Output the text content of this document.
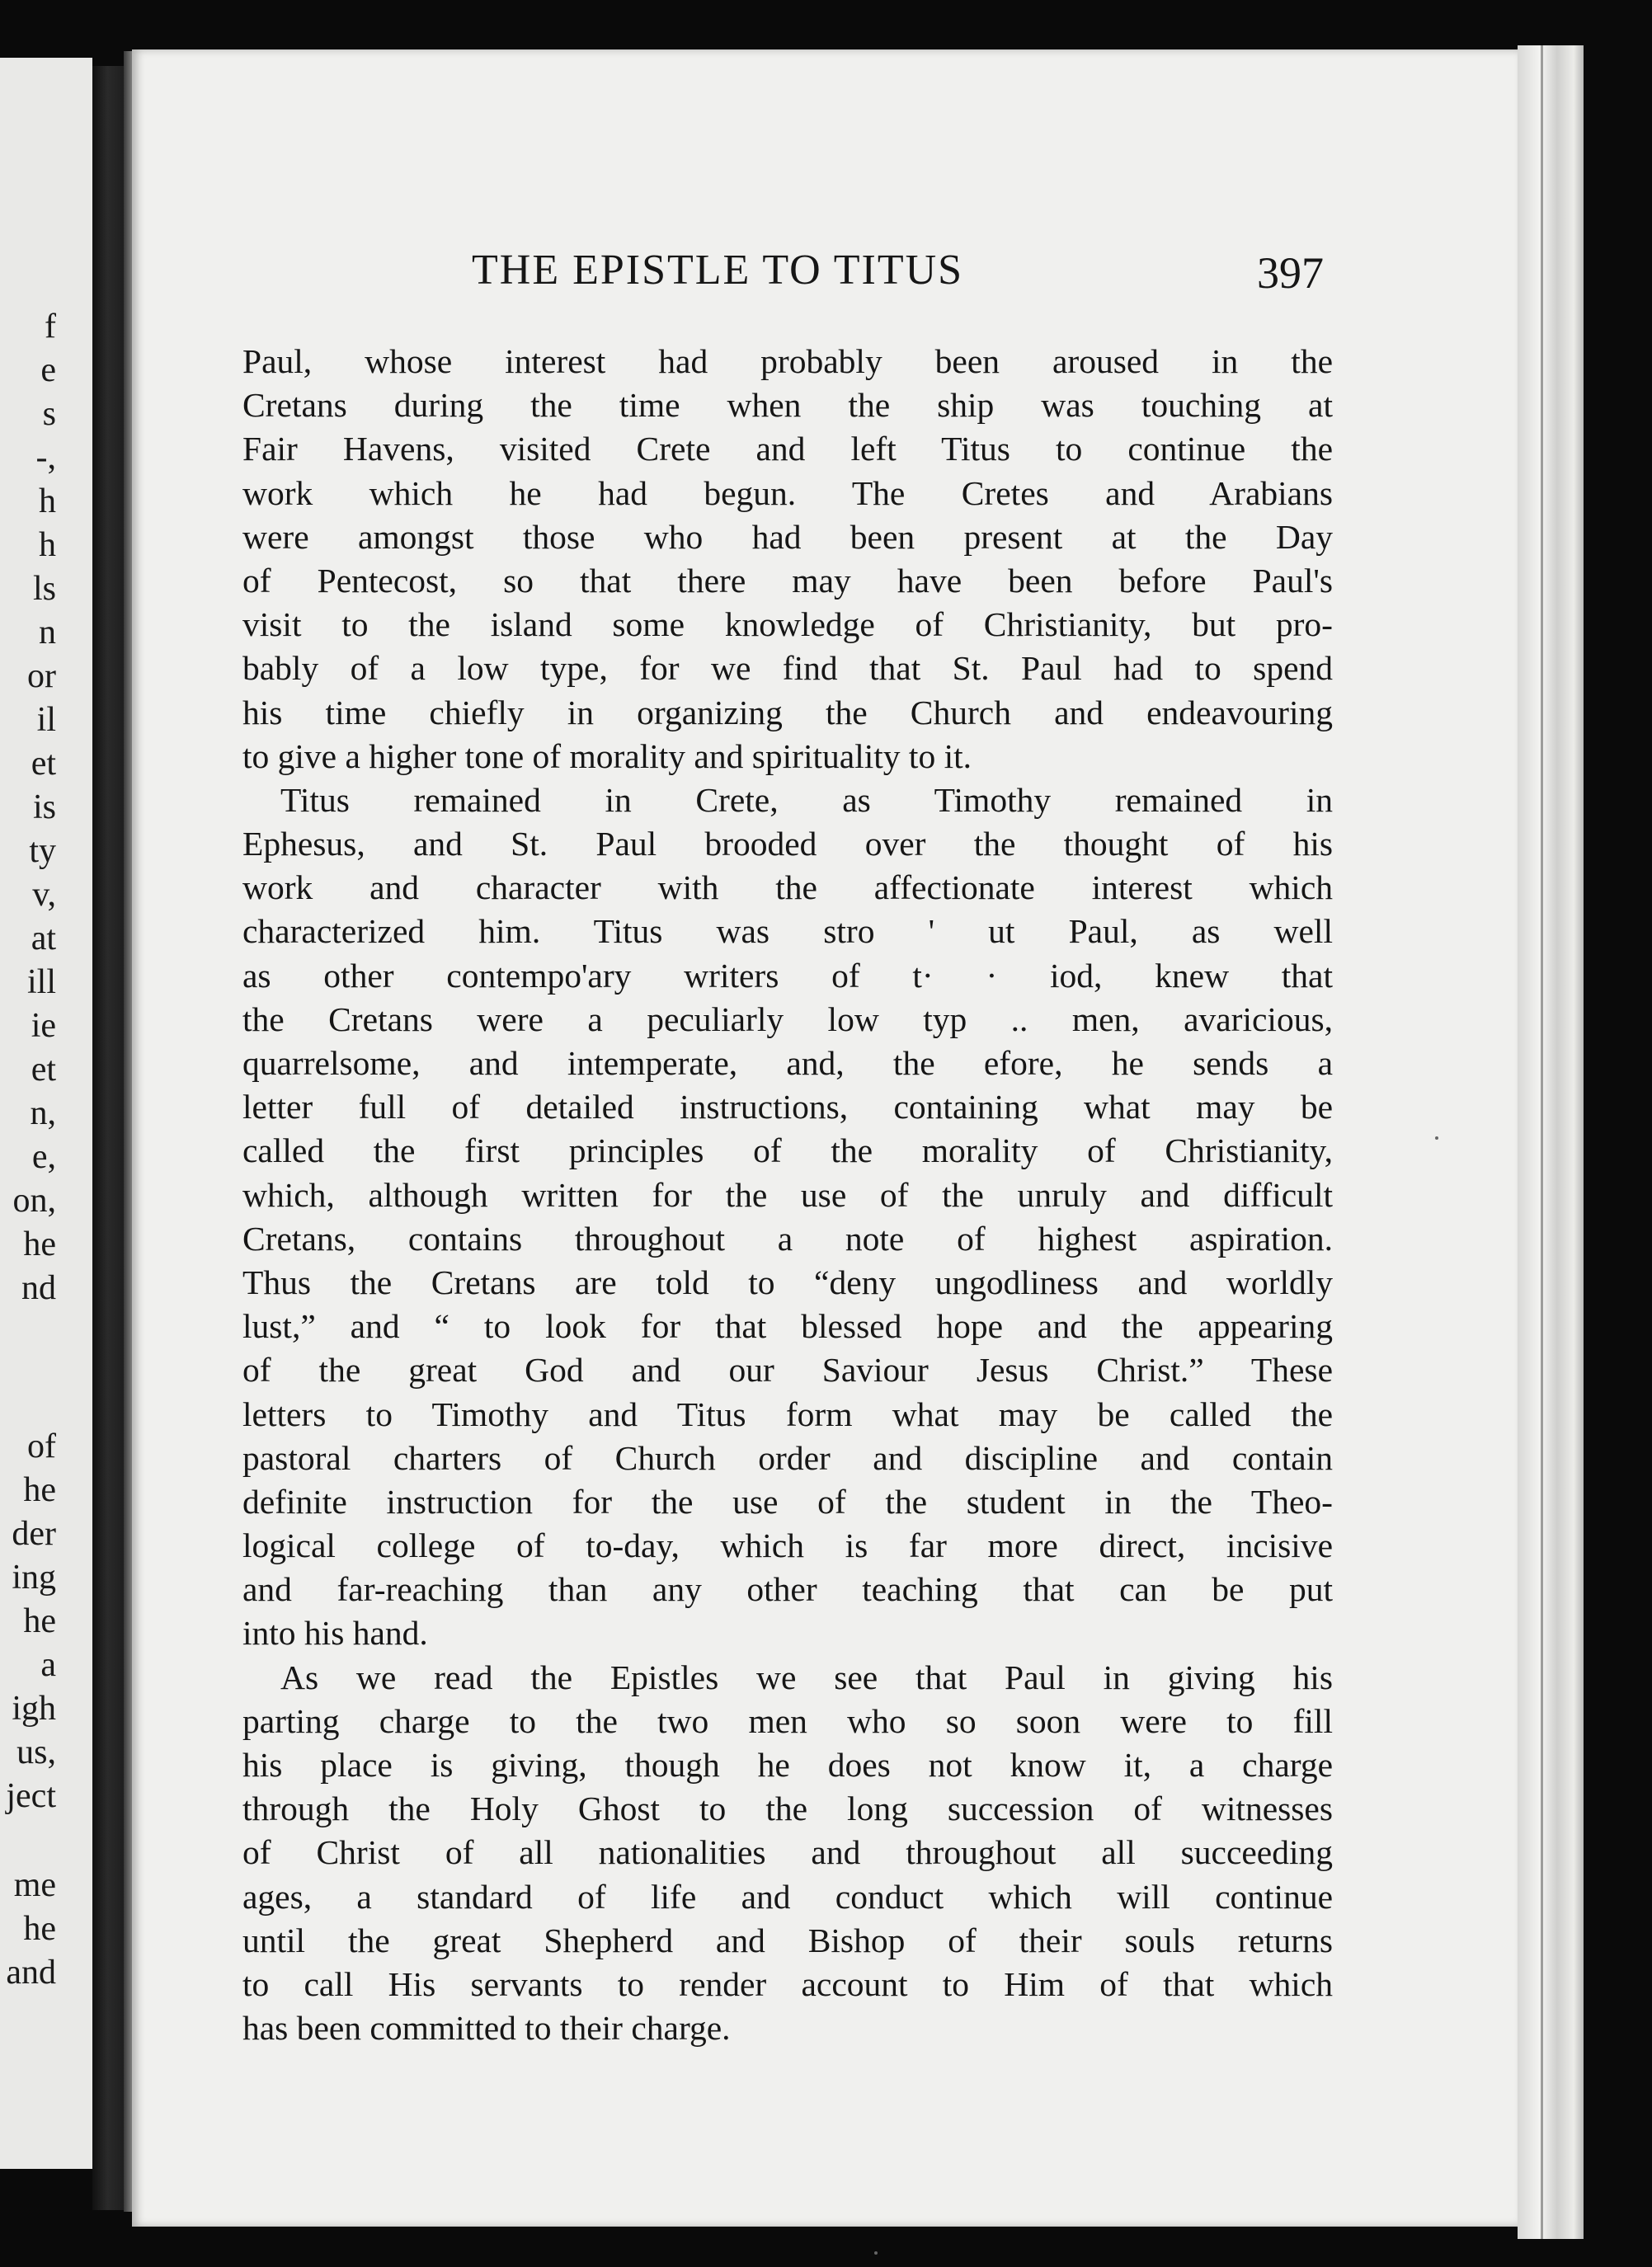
f
e
s
-,
h
h
ls
n
or
il
et
is
ty
v,
at
ill
ie
et
n,
e,
on,
he
nd
of
he
der
ing
he
a
igh
us,
ject
me
he
and
THE EPISTLE TO TITUS	397
Paul, whose interest had probably been aroused in the
Cretans during the time when the ship was touching at
Fair Havens, visited Crete and left Titus to continue the
work which he had begun. The Cretes and Arabians
were amongst those who had been present at the Day
of Pentecost, so that there may have been before Paul's
visit to the island some knowledge of Christianity, but pro-
bably of a low type, for we find that St. Paul had to spend
his time chiefly in organizing the Church and endeavouring
to give a higher tone of morality and spirituality to it.
Titus remained in Crete, as Timothy remained in
Ephesus, and St. Paul brooded over the thought of his
work and character with the affectionate interest which
characterized him. Titus was stro ' ut Paul, as well
as other contempo'ary writers of t· · iod, knew that
the Cretans were a peculiarly low typ .. men, avaricious,
quarrelsome, and intemperate, and, the efore, he sends a
letter full of detailed instructions, containing what may be
called the first principles of the morality of Christianity,
which, although written for the use of the unruly and difficult
Cretans, contains throughout a note of highest aspiration.
Thus the Cretans are told to “deny ungodliness and worldly
lust,” and “ to look for that blessed hope and the appearing
of the great God and our Saviour Jesus Christ.” These
letters to Timothy and Titus form what may be called the
pastoral charters of Church order and discipline and contain
definite instruction for the use of the student in the Theo-
logical college of to-day, which is far more direct, incisive
and far-reaching than any other teaching that can be put
into his hand.
As we read the Epistles we see that Paul in giving his
parting charge to the two men who so soon were to fill
his place is giving, though he does not know it, a charge
through the Holy Ghost to the long succession of witnesses
of Christ of all nationalities and throughout all succeeding
ages, a standard of life and conduct which will continue
until the great Shepherd and Bishop of their souls returns
to call His servants to render account to Him of that which
has been committed to their charge.
